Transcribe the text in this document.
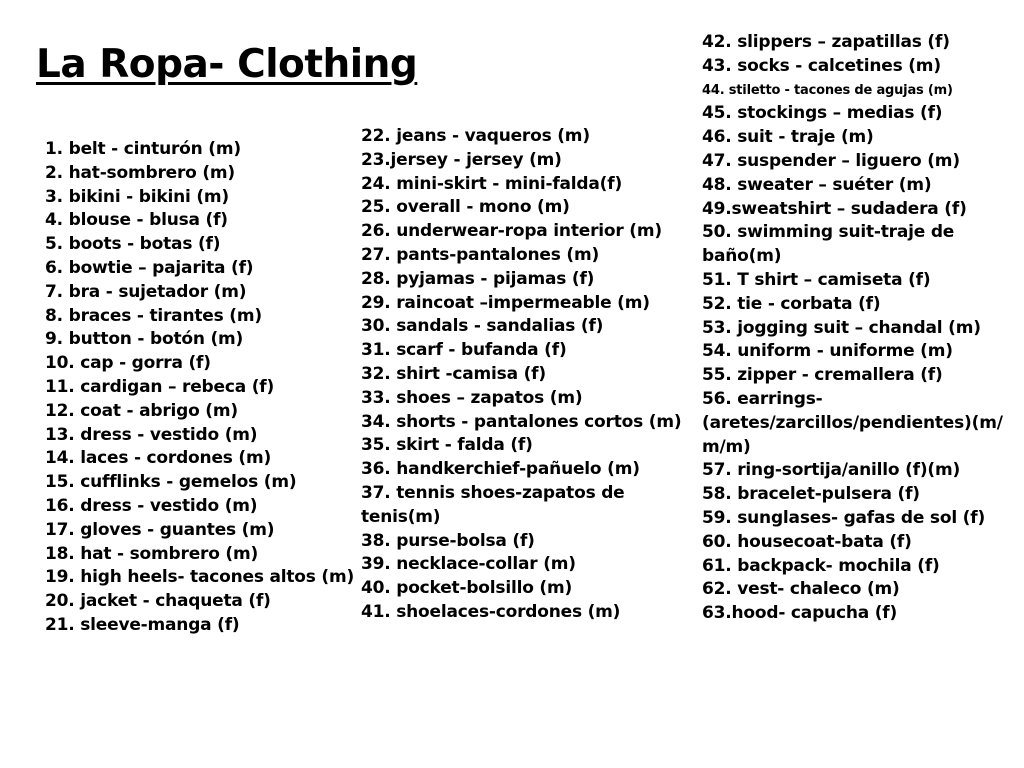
La Ropa- Clothing
1. belt - cinturón (m)
2. hat-sombrero (m)
3. bikini - bikini (m)
4. blouse - blusa (f)
5. boots - botas (f)
6. bowtie – pajarita (f)
7. bra - sujetador (m)
8. braces - tirantes (m)
9. button - botón (m)
10. cap - gorra (f)
11. cardigan – rebeca (f)
12. coat - abrigo (m)
13. dress - vestido (m)
14. laces - cordones (m)
15. cufflinks - gemelos (m)
16. dress - vestido (m)
17. gloves - guantes (m)
18. hat - sombrero (m)
19. high heels- tacones altos (m)
20. jacket - chaqueta (f)
21. sleeve-manga (f)
22. jeans - vaqueros (m)
23.jersey - jersey (m)
24. mini-skirt - mini-falda(f)
25. overall - mono (m)
26. underwear-ropa interior (m)
27. pants-pantalones (m)
28. pyjamas - pijamas (f)
29. raincoat –impermeable (m)
30. sandals - sandalias (f)
31. scarf - bufanda (f)
32. shirt -camisa (f)
33. shoes – zapatos (m)
34. shorts - pantalones cortos (m)
35. skirt - falda (f)
36. handkerchief-pañuelo (m)
37. tennis shoes-zapatos de
tenis(m)
38. purse-bolsa (f)
39. necklace-collar (m)
40. pocket-bolsillo (m)
41. shoelaces-cordones (m)
42. slippers – zapatillas (f)
43. socks - calcetines (m)
44. stiletto - tacones de agujas (m)
45. stockings – medias (f)
46. suit - traje (m)
47. suspender – liguero (m)
48. sweater – suéter (m)
49.sweatshirt – sudadera (f)
50. swimming suit-traje de
baño(m)
51. T shirt – camiseta (f)
52. tie - corbata (f)
53. jogging suit – chandal (m)
54. uniform - uniforme (m)
55. zipper - cremallera (f)
56. earrings-
(aretes/zarcillos/pendientes)(m/
m/m)
57. ring-sortija/anillo (f)(m)
58. bracelet-pulsera (f)
59. sunglases- gafas de sol (f)
60. housecoat-bata (f)
61. backpack- mochila (f)
62. vest- chaleco (m)
63.hood- capucha (f)
